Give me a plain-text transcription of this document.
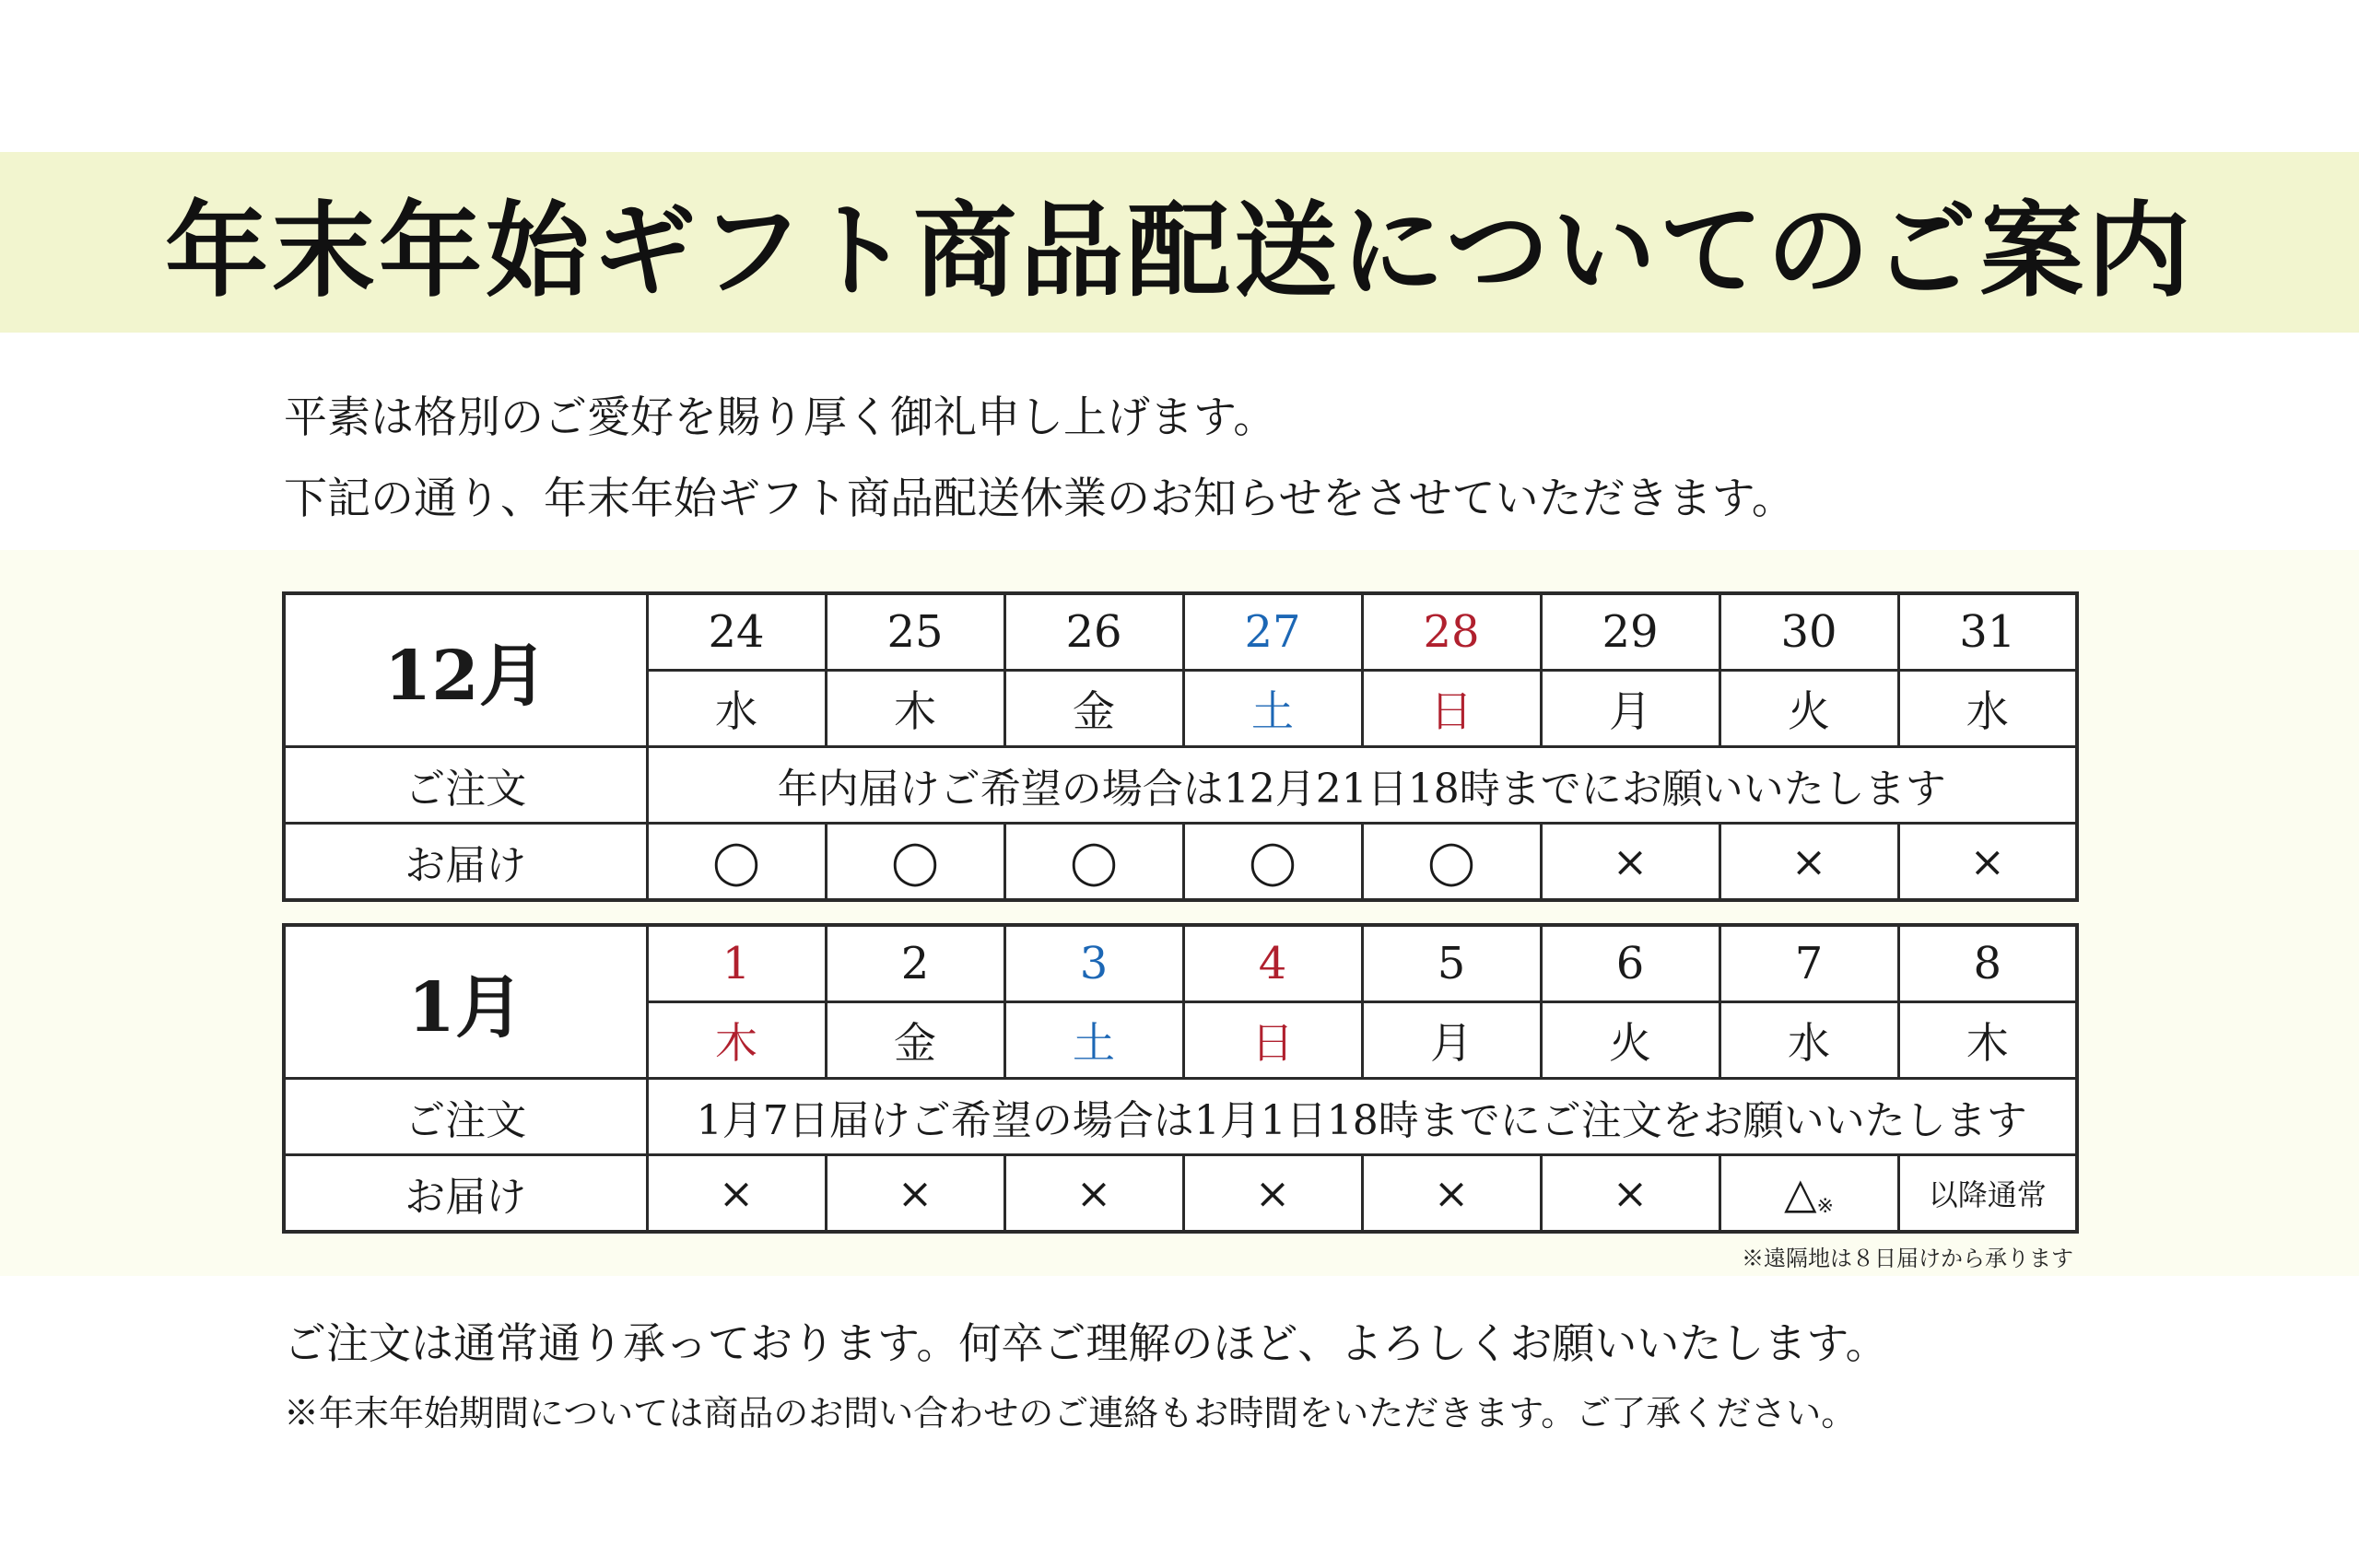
年末年始ギフト商品配送についてのご案内

平素は格別のご愛好を賜り厚く御礼申し上げます。

下記の通り、年末年始ギフト商品配送休業のお知らせをさせていただきます。

12月	24	25	26	27	28	29	30	31
	水	木	金	土	日	月	火	水
ご注文	年内届けご希望の場合は12月21日18時までにお願いいたします							
お届け	◯	◯	◯	◯	◯	×	×	×
1月	1	2	3	4	5	6	7	8
	木	金	土	日	月	火	水	木
ご注文	1月7日届けご希望の場合は1月1日18時までにご注文をお願いいたします							
お届け	×	×	×	×	×	×	△※	以降通常
※遠隔地は８日届けから承ります

ご注文は通常通り承っております。何卒ご理解のほど、よろしくお願いいたします。

※年末年始期間については商品のお問い合わせのご連絡もお時間をいただきます。ご了承ください。
